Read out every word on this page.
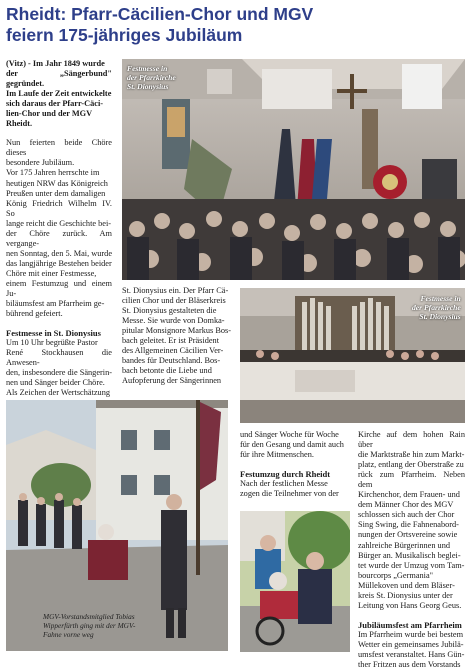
Rheidt: Pfarr-Cäcilien-Chor und MGV
feiern 175-jähriges Jubiläum

(Vitz) - Im Jahr 1849 wurde
der „Sängerbund" gegründet.
Im Laufe der Zeit entwickelte
sich daraus der Pfarr-Cäci-
lien-Chor und der MGV
Rheidt.

Nun feierten beide Chöre dieses
besondere Jubiläum.
Vor 175 Jahren herrschte im
heutigen NRW das Königreich
Preußen unter dem damaligen
König Friedrich Wilhelm IV. So
lange reicht die Geschichte bei-
der Chöre zurück. Am vergange-
nen Sonntag, den 5. Mai, wurde
das langjährige Bestehen beider
Chöre mit einer Festmesse,
einem Festumzug und einem Ju-
biläumsfest am Pfarrheim ge-
bührend gefeiert.

Festmesse in St. Dionysius

Um 10 Uhr begrüßte Pastor
René Stockhausen die Anwesen-
den, insbesondere die Sängerin-
nen und Sänger beider Chöre.
Als Zeichen der Wertschätzung

Festmesse in
der Pfarrkirche
St. Dionysius

St. Dionysius ein. Der Pfarr Cä-
cilien Chor und der Bläserkreis
St. Dionysius gestalteten die
Messe. Sie wurde von Domka-
pitular Monsignore Markus Bos-
bach geleitet. Er ist Präsident
des Allgemeinen Cäcilien Ver-
bandes für Deutschland. Bos-
bach betonte die Liebe und
Aufopferung der Sängerinnen

Festmesse in
der Pfarrkirche
St. Dionysius
MGV-Vorstandsmitglied Tobias
Wipperfürth ging mit der MGV-
Fahne vorne weg

und Sänger Woche für Woche
für den Gesang und damit auch
für ihre Mitmenschen.

Festumzug durch Rheidt

Nach der festlichen Messe
zogen die Teilnehmer von der

Kirche auf dem hohen Rain über
die Marktstraße hin zum Markt-
platz, entlang der Oberstraße zu
rück zum Pfarrheim. Neben dem
Kirchenchor, dem Frauen- und
dem Männer Chor des MGV
schlossen sich auch der Chor
Sing Swing, die Fahnenabord-
nungen der Ortsvereine sowie
zahlreiche Bürgerinnen und
Bürger an. Musikalisch beglei-
tet wurde der Umzug vom Tam-
bourcorps „Germania"
Müllekoven und dem Bläser-
kreis St. Dionysius unter der
Leitung von Hans Georg Geus.

Jubiläumsfest am Pfarrheim

Im Pfarrheim wurde bei bestem
Wetter ein gemeinsames Jubilä-
umsfest veranstaltet. Hans Gün-
ther Fritzen aus dem Vorstands
